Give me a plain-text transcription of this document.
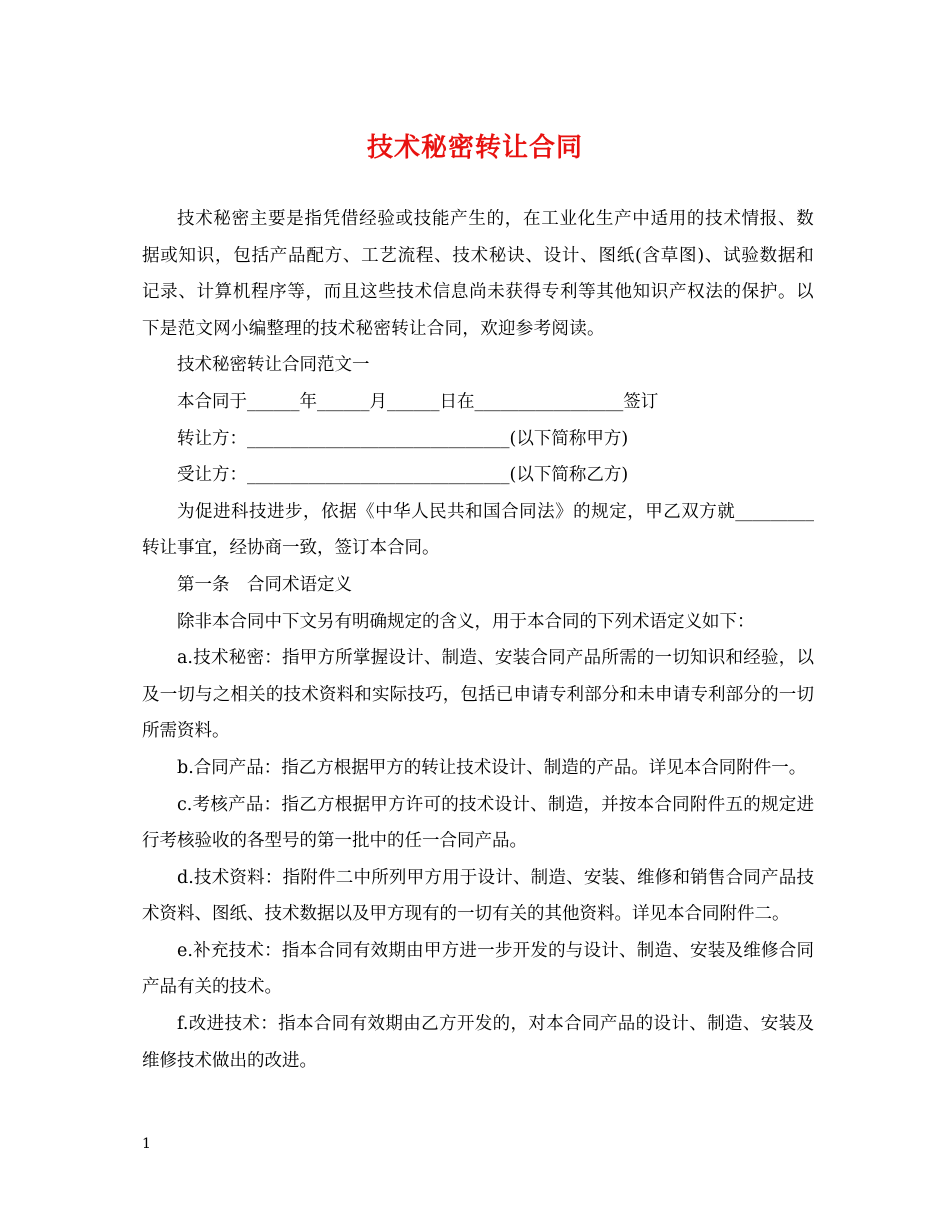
技术秘密转让合同

技术秘密主要是指凭借经验或技能产生的，在工业化生产中适用的技术情报、数据或知识，包括产品配方、工艺流程、技术秘诀、设计、图纸(含草图)、试验数据和记录、计算机程序等，而且这些技术信息尚未获得专利等其他知识产权法的保护。以下是范文网小编整理的技术秘密转让合同，欢迎参考阅读。

技术秘密转让合同范文一

本合同于______年______月______日在_________________签订

转让方：______________________________(以下简称甲方)

受让方：______________________________(以下简称乙方)

为促进科技进步，依据《中华人民共和国合同法》的规定，甲乙双方就_________转让事宜，经协商一致，签订本合同。

第一条　合同术语定义

除非本合同中下文另有明确规定的含义，用于本合同的下列术语定义如下：

a.技术秘密：指甲方所掌握设计、制造、安装合同产品所需的一切知识和经验，以及一切与之相关的技术资料和实际技巧，包括已申请专利部分和未申请专利部分的一切所需资料。

b.合同产品：指乙方根据甲方的转让技术设计、制造的产品。详见本合同附件一。

c.考核产品：指乙方根据甲方许可的技术设计、制造，并按本合同附件五的规定进行考核验收的各型号的第一批中的任一合同产品。

d.技术资料：指附件二中所列甲方用于设计、制造、安装、维修和销售合同产品技术资料、图纸、技术数据以及甲方现有的一切有关的其他资料。详见本合同附件二。

e.补充技术：指本合同有效期由甲方进一步开发的与设计、制造、安装及维修合同产品有关的技术。

f.改进技术：指本合同有效期由乙方开发的，对本合同产品的设计、制造、安装及维修技术做出的改进。

1
